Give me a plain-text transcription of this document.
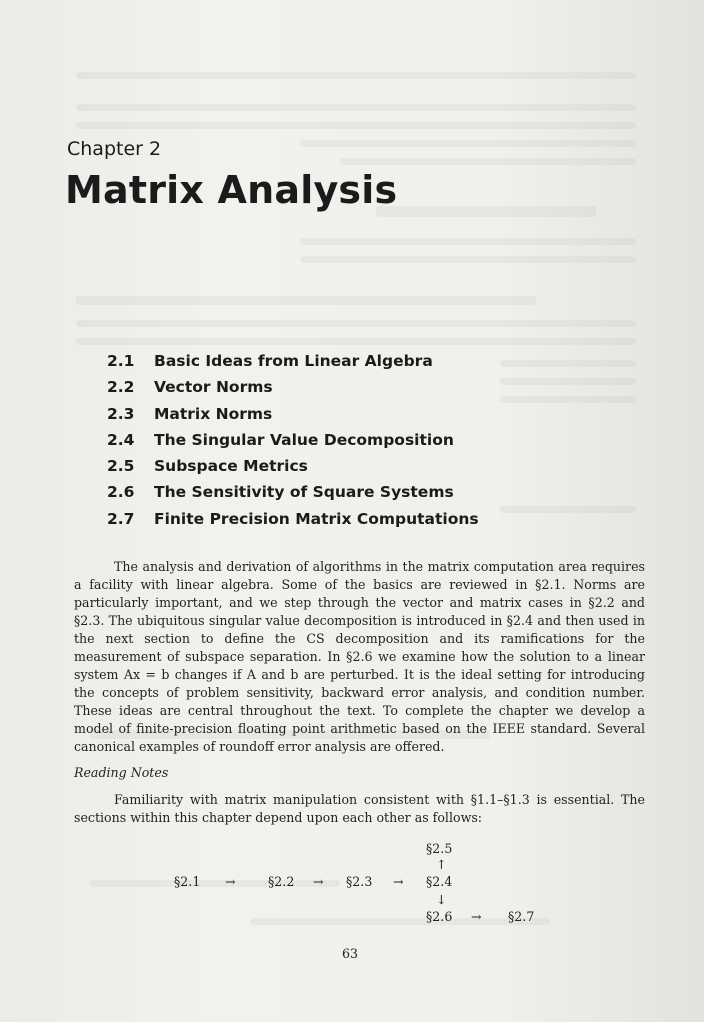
Chapter 2
Matrix Analysis
2.1 Basic Ideas from Linear Algebra
2.2 Vector Norms
2.3 Matrix Norms
2.4 The Singular Value Decomposition
2.5 Subspace Metrics
2.6 The Sensitivity of Square Systems
2.7 Finite Precision Matrix Computations

The analysis and derivation of algorithms in the matrix computation area requires a facility with linear algebra. Some of the basics are reviewed in §2.1. Norms are particularly important, and we step through the vector and matrix cases in §2.2 and §2.3. The ubiquitous singular value decomposition is introduced in §2.4 and then used in the next section to define the CS decomposition and its ramifications for the measurement of subspace separation. In §2.6 we examine how the solution to a linear system Ax = b changes if A and b are perturbed. It is the ideal setting for introducing the concepts of problem sensitivity, backward error analysis, and condition number. These ideas are central throughout the text. To complete the chapter we develop a model of finite-precision floating point arithmetic based on the IEEE standard. Several canonical examples of roundoff error analysis are offered.

Reading Notes

Familiarity with matrix manipulation consistent with §1.1–§1.3 is essential. The sections within this chapter depend upon each other as follows:

§2.5
↑
§2.1 →	§2.2 → §2.3 → §2.4
↓
§2.6 → §2.7
63
